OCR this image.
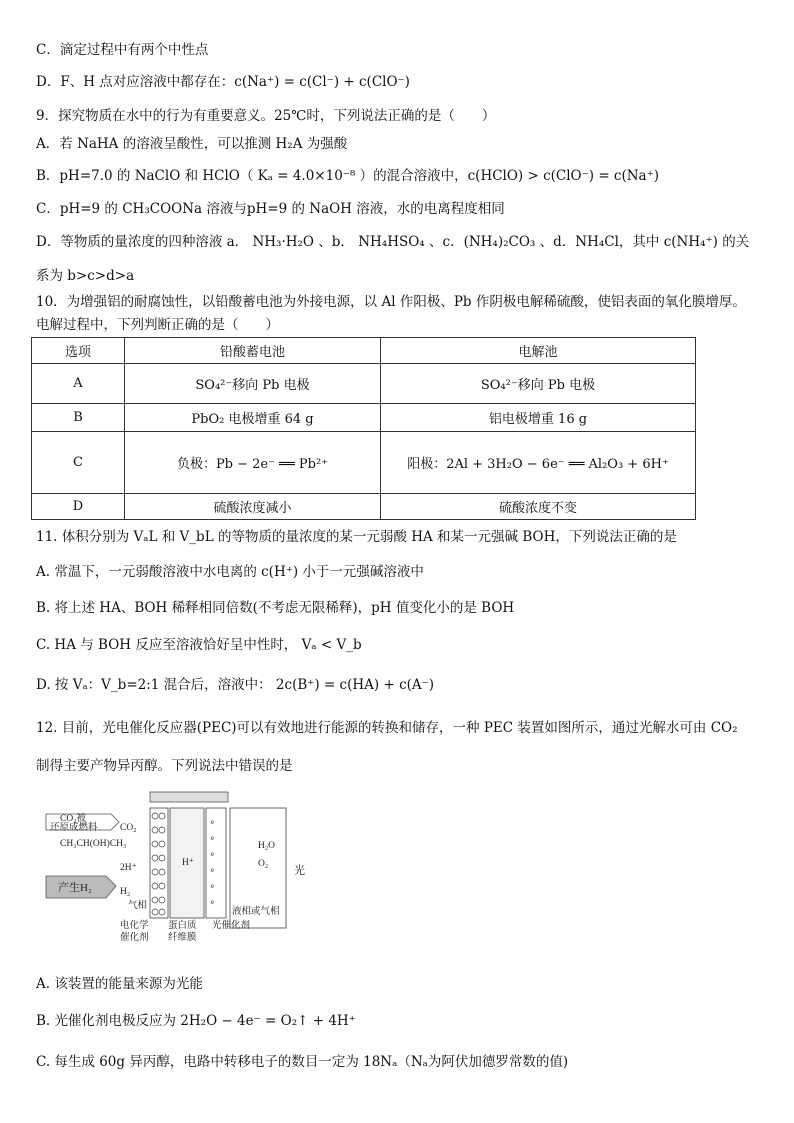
C．滴定过程中有两个中性点
D．F、H 点对应溶液中都存在：c(Na⁺) = c(Cl⁻) + c(ClO⁻)
9．探究物质在水中的行为有重要意义。25℃时，下列说法正确的是（　　）
A．若 NaHA 的溶液呈酸性，可以推测 H₂A 为强酸
B．pH=7.0 的 NaClO 和 HClO（ Kₐ = 4.0×10⁻⁸ ）的混合溶液中，c(HClO) > c(ClO⁻) = c(Na⁺)
C．pH=9 的 CH₃COONa 溶液与pH=9 的 NaOH 溶液，水的电离程度相同
D．等物质的量浓度的四种溶液 a． NH₃·H₂O 、b． NH₄HSO₄ 、c．(NH₄)₂CO₃ 、d．NH₄Cl，其中 c(NH₄⁺) 的关
系为 b>c>d>a
10．为增强铝的耐腐蚀性，以铅酸蓄电池为外接电源，以 Al 作阳极、Pb 作阴极电解稀硫酸，使铝表面的氧化膜增厚。
电解过程中，下列判断正确的是（　　）
选项	铅酸蓄电池	电解池
A	SO₄²⁻移向 Pb 电极	SO₄²⁻移向 Pb 电极
B	PbO₂ 电极增重 64 g	铝电极增重 16 g
C	负极：Pb − 2e⁻ ══ Pb²⁺	阳极：2Al + 3H₂O − 6e⁻ ══ Al₂O₃ + 6H⁺
D	硫酸浓度减小	硫酸浓度不变
11. 体积分别为 VₐL 和 V_bL 的等物质的量浓度的某一元弱酸 HA 和某一元强碱 BOH，下列说法正确的是
A. 常温下，一元弱酸溶液中水电离的 c(H⁺) 小于一元强碱溶液中
B. 将上述 HA、BOH 稀释相同倍数(不考虑无限稀释)，pH 值变化小的是 BOH
C. HA 与 BOH 反应至溶液恰好呈中性时， Vₐ < V_b
D. 按 Vₐ：V_b=2:1 混合后，溶液中： 2c(B⁺) = c(HA) + c(A⁻)
12. 目前，光电催化反应器(PEC)可以有效地进行能源的转换和储存，一种 PEC 装置如图所示，通过光解水可由 CO₂
制得主要产物异丙醇。下列说法中错误的是
CO₂被
还原成燃料 CO₂
CH₃CH(OH)CH₃
2H⁺
产生H₂	H₂
气相
H⁺
e
e
e
e
e
e
H₂O
O₂
光
液相或气相
电化学
催化剂
蛋白质
纤维膜
光催化剂
A. 该装置的能量来源为光能
B. 光催化剂电极反应为 2H₂O − 4e⁻ = O₂↑ + 4H⁺
C. 每生成 60g 异丙醇，电路中转移电子的数目一定为 18Nₐ（Nₐ为阿伏加德罗常数的值)
